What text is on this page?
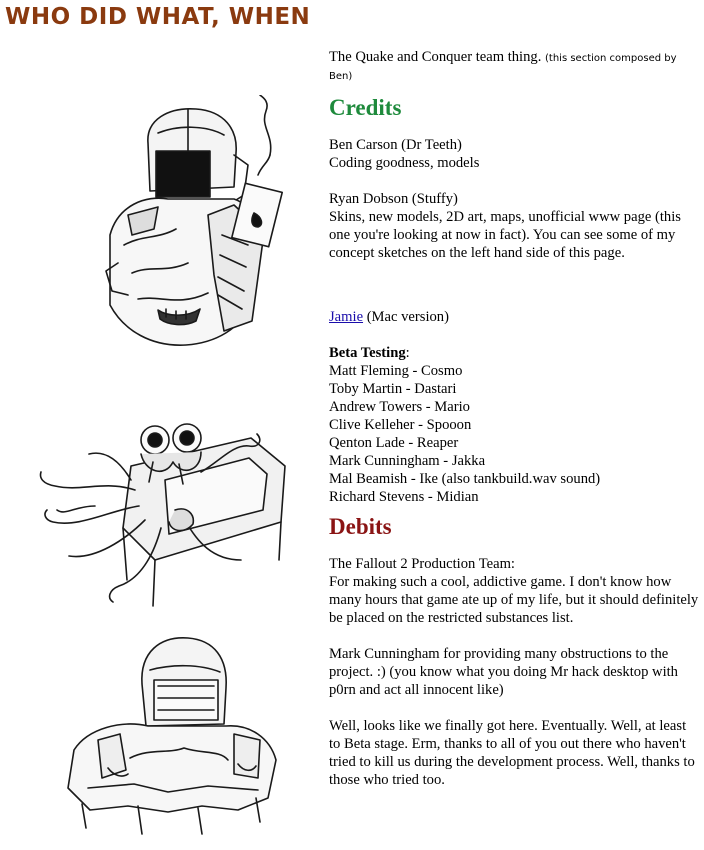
WHO DID WHAT, WHEN

The Quake and Conquer team thing. (this section composed by Ben)

Credits

Ben Carson (Dr Teeth)
Coding goodness, models

Ryan Dobson (Stuffy)
Skins, new models, 2D art, maps, unofficial www page (this one you're looking at now in fact). You can see some of my concept sketches on the left hand side of this page.

Jamie (Mac version)

Beta Testing:
Matt Fleming - Cosmo
Toby Martin - Dastari
Andrew Towers - Mario
Clive Kelleher - Spooon
Qenton Lade - Reaper
Mark Cunningham - Jakka
Mal Beamish - Ike (also tankbuild.wav sound)
Richard Stevens - Midian

Debits

The Fallout 2 Production Team:
For making such a cool, addictive game. I don't know how many hours that game ate up of my life, but it should definitely be placed on the restricted substances list.

Mark Cunningham for providing many obstructions to the project. :) (you know what you doing Mr hack desktop with p0rn and act all innocent like)

Well, looks like we finally got here. Eventually. Well, at least to Beta stage. Erm, thanks to all of you out there who haven't tried to kill us during the development process. Well, thanks to those who tried too.
